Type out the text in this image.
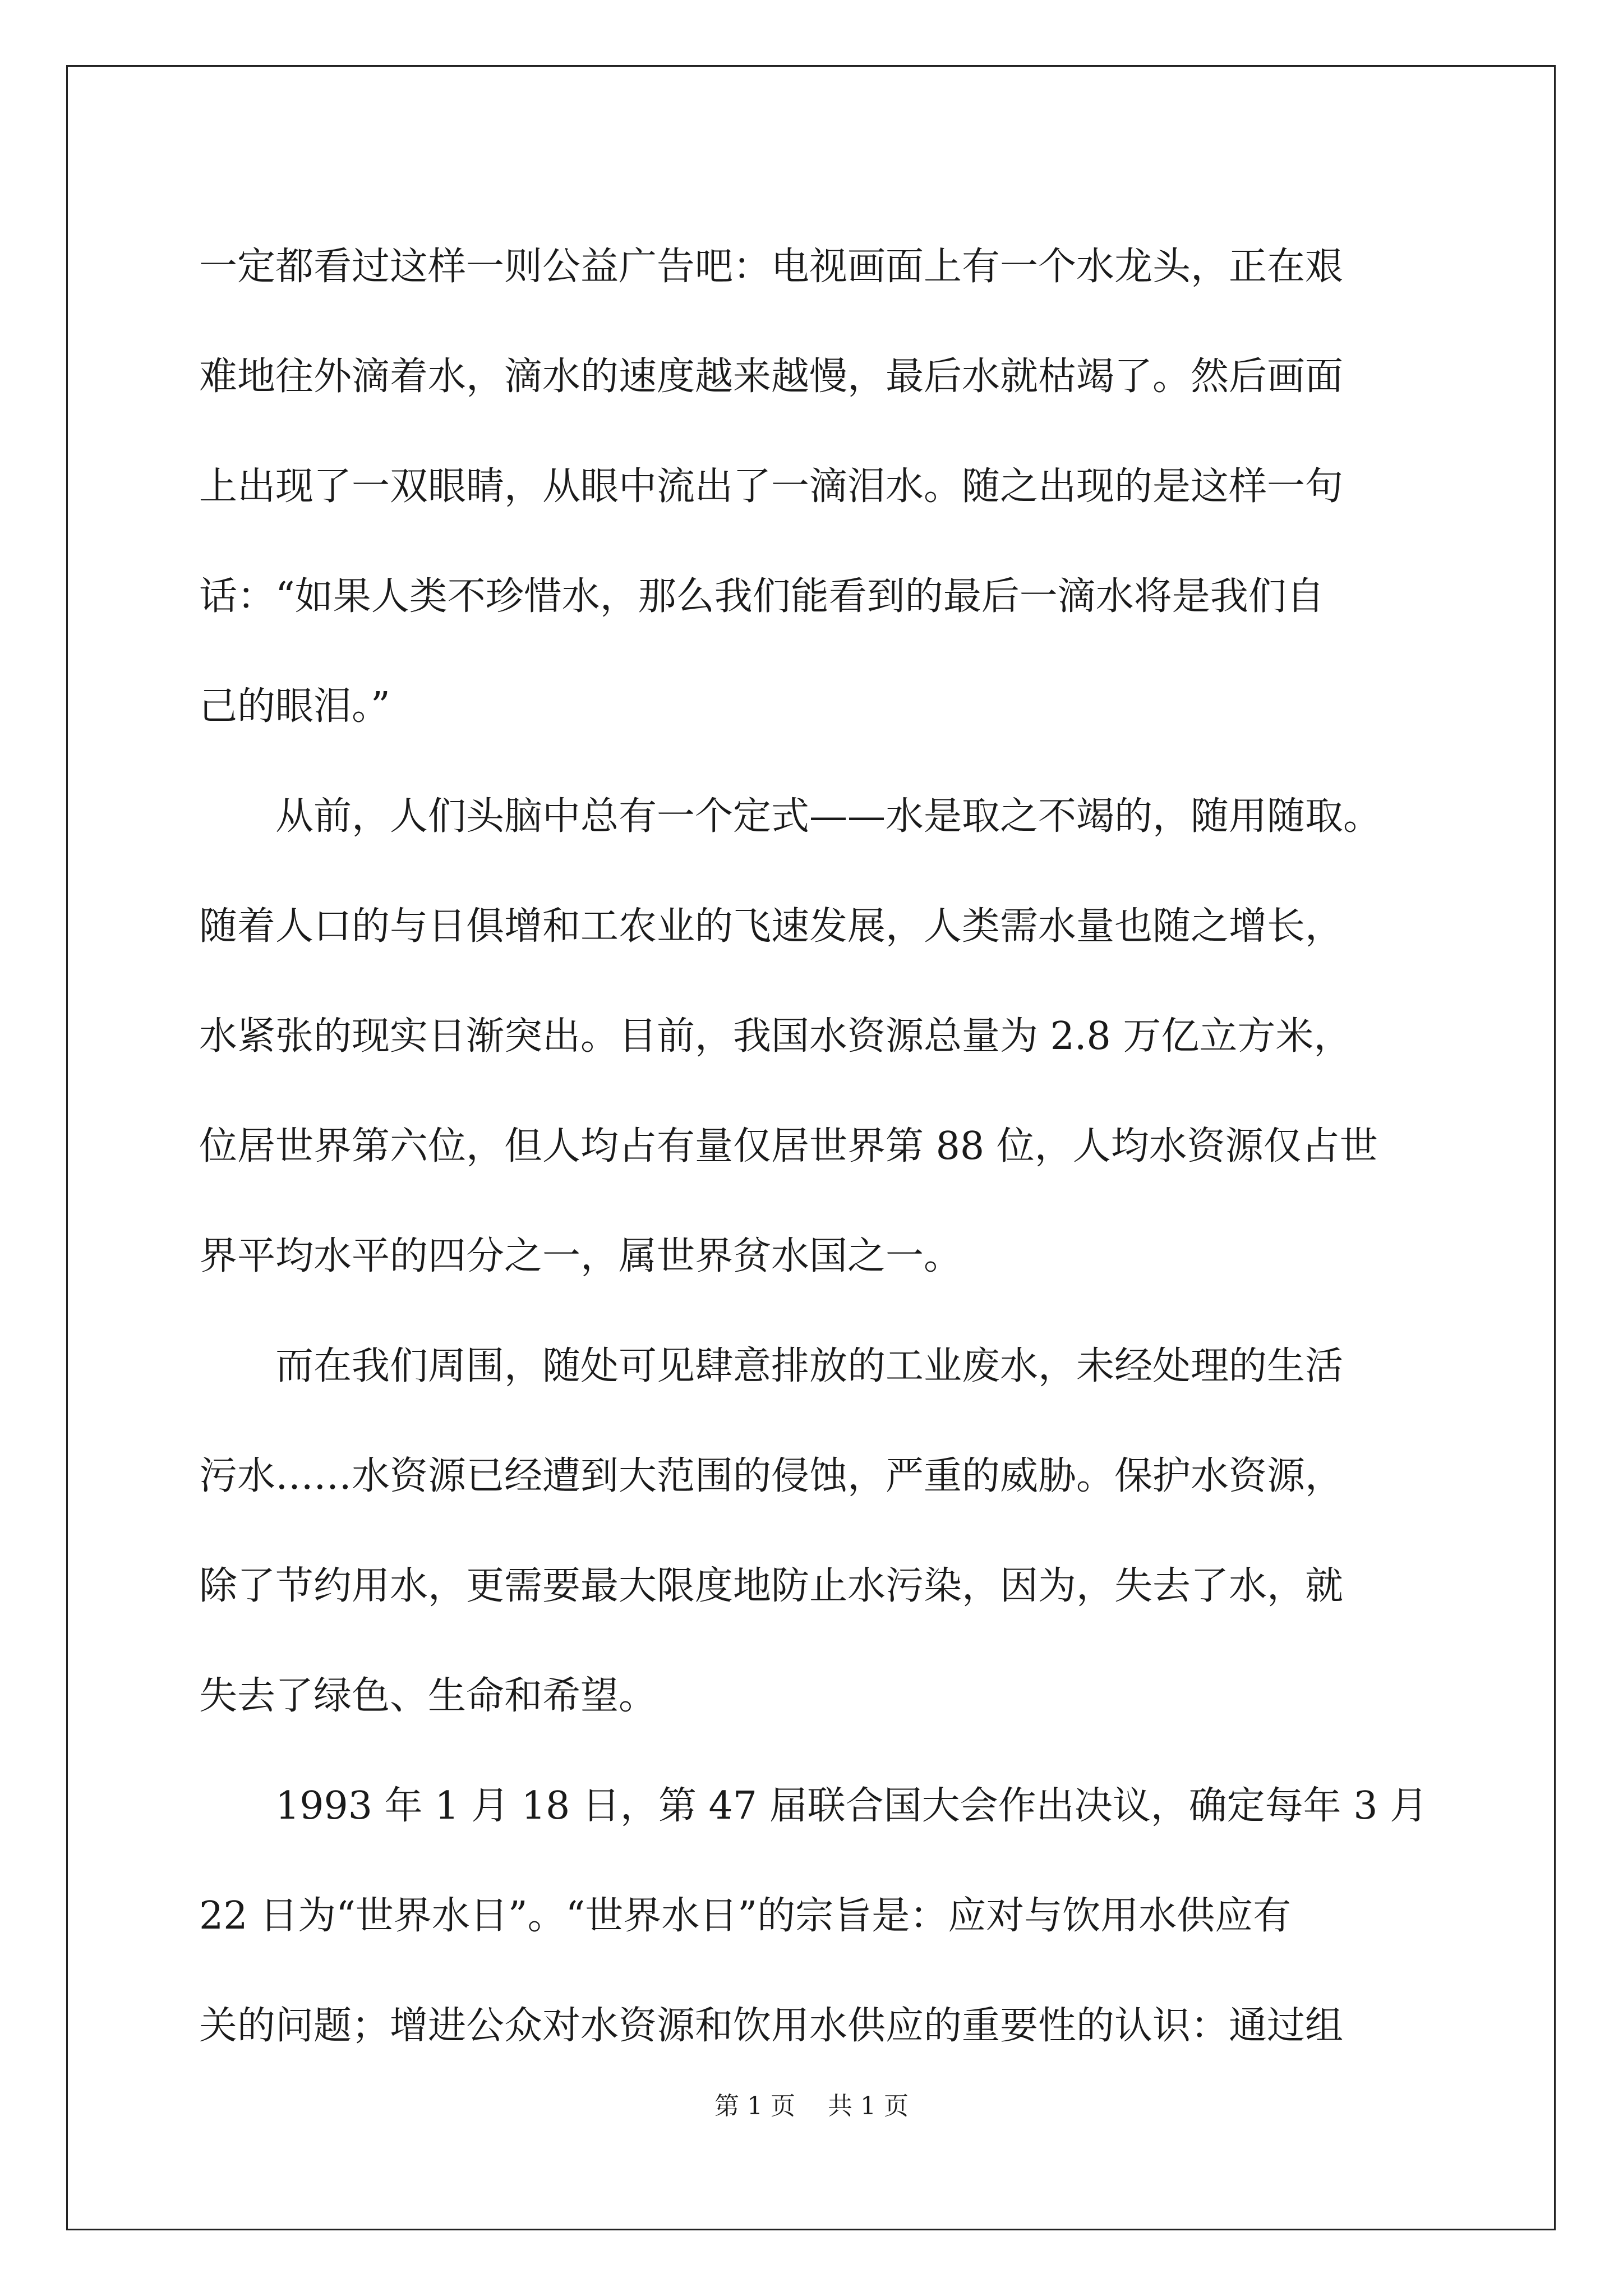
一定都看过这样一则公益广告吧：电视画面上有一个水龙头，正在艰
难地往外滴着水，滴水的速度越来越慢，最后水就枯竭了。然后画面
上出现了一双眼睛，从眼中流出了一滴泪水。随之出现的是这样一句
话：“如果人类不珍惜水，那么我们能看到的最后一滴水将是我们自
己的眼泪。”
　　从前，人们头脑中总有一个定式——水是取之不竭的，随用随取。
随着人口的与日俱增和工农业的飞速发展，人类需水量也随之增长，
水紧张的现实日渐突出。目前，我国水资源总量为 2.8 万亿立方米，
位居世界第六位，但人均占有量仅居世界第 88 位，人均水资源仅占世
界平均水平的四分之一，属世界贫水国之一。
　　而在我们周围，随处可见肆意排放的工业废水，未经处理的生活
污水……水资源已经遭到大范围的侵蚀，严重的威胁。保护水资源，
除了节约用水，更需要最大限度地防止水污染，因为，失去了水，就
失去了绿色、生命和希望。
　　1993 年 1 月 18 日，第 47 届联合国大会作出决议，确定每年 3 月
22 日为“世界水日”。“世界水日”的宗旨是：应对与饮用水供应有
关的问题；增进公众对水资源和饮用水供应的重要性的认识：通过组
第 1 页 共 1 页
